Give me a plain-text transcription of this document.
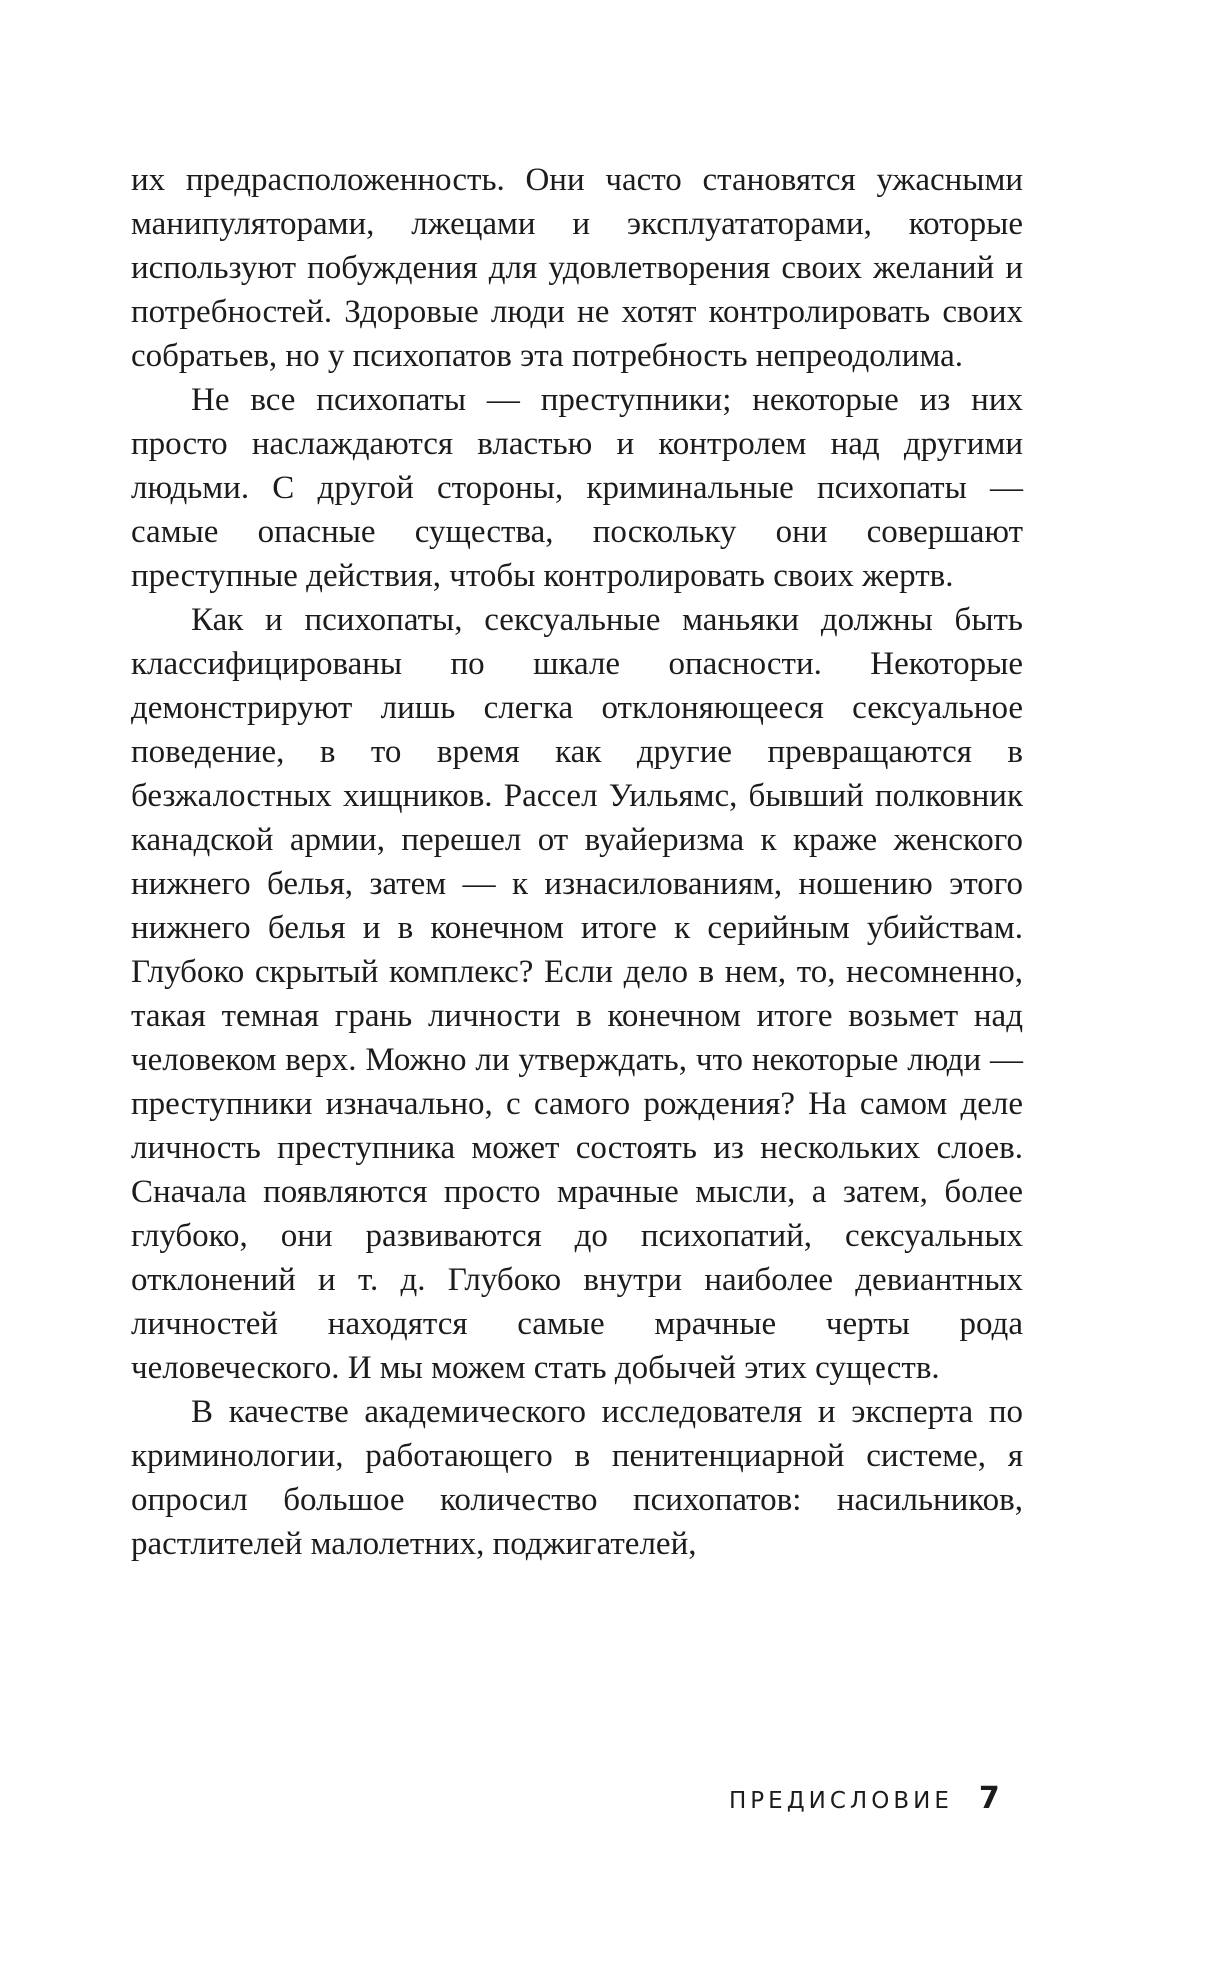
их предрасположенность. Они часто становятся ужасными манипуляторами, лжецами и эксплуататорами, которые используют побуждения для удовлетворения своих желаний и потребностей. Здоровые люди не хотят контролировать своих собратьев, но у психопатов эта потребность непреодолима.

Не все психопаты — преступники; некоторые из них просто наслаждаются властью и контролем над другими людьми. С другой стороны, криминальные психопаты — самые опасные существа, поскольку они совершают преступные действия, чтобы контролировать своих жертв.

Как и психопаты, сексуальные маньяки должны быть классифицированы по шкале опасности. Некоторые демонстрируют лишь слегка отклоняющееся сексуальное поведение, в то время как другие превращаются в безжалостных хищников. Рассел Уильямс, бывший полковник канадской армии, перешел от вуайеризма к краже женского нижнего белья, затем — к изнасилованиям, ношению этого нижнего белья и в конечном итоге к серийным убийствам. Глубоко скрытый комплекс? Если дело в нем, то, несомненно, такая темная грань личности в конечном итоге возьмет над человеком верх. Можно ли утверждать, что некоторые люди — преступники изначально, с самого рождения? На самом деле личность преступника может состоять из нескольких слоев. Сначала появляются просто мрачные мысли, а затем, более глубоко, они развиваются до психопатий, сексуальных отклонений и т. д. Глубоко внутри наиболее девиантных личностей находятся самые мрачные черты рода человеческого. И мы можем стать добычей этих существ.

В качестве академического исследователя и эксперта по криминологии, работающего в пенитенциарной системе, я опросил большое количество психопатов: насильников, растлителей малолетних, поджигателей,

ПРЕДИСЛОВИЕ 7
